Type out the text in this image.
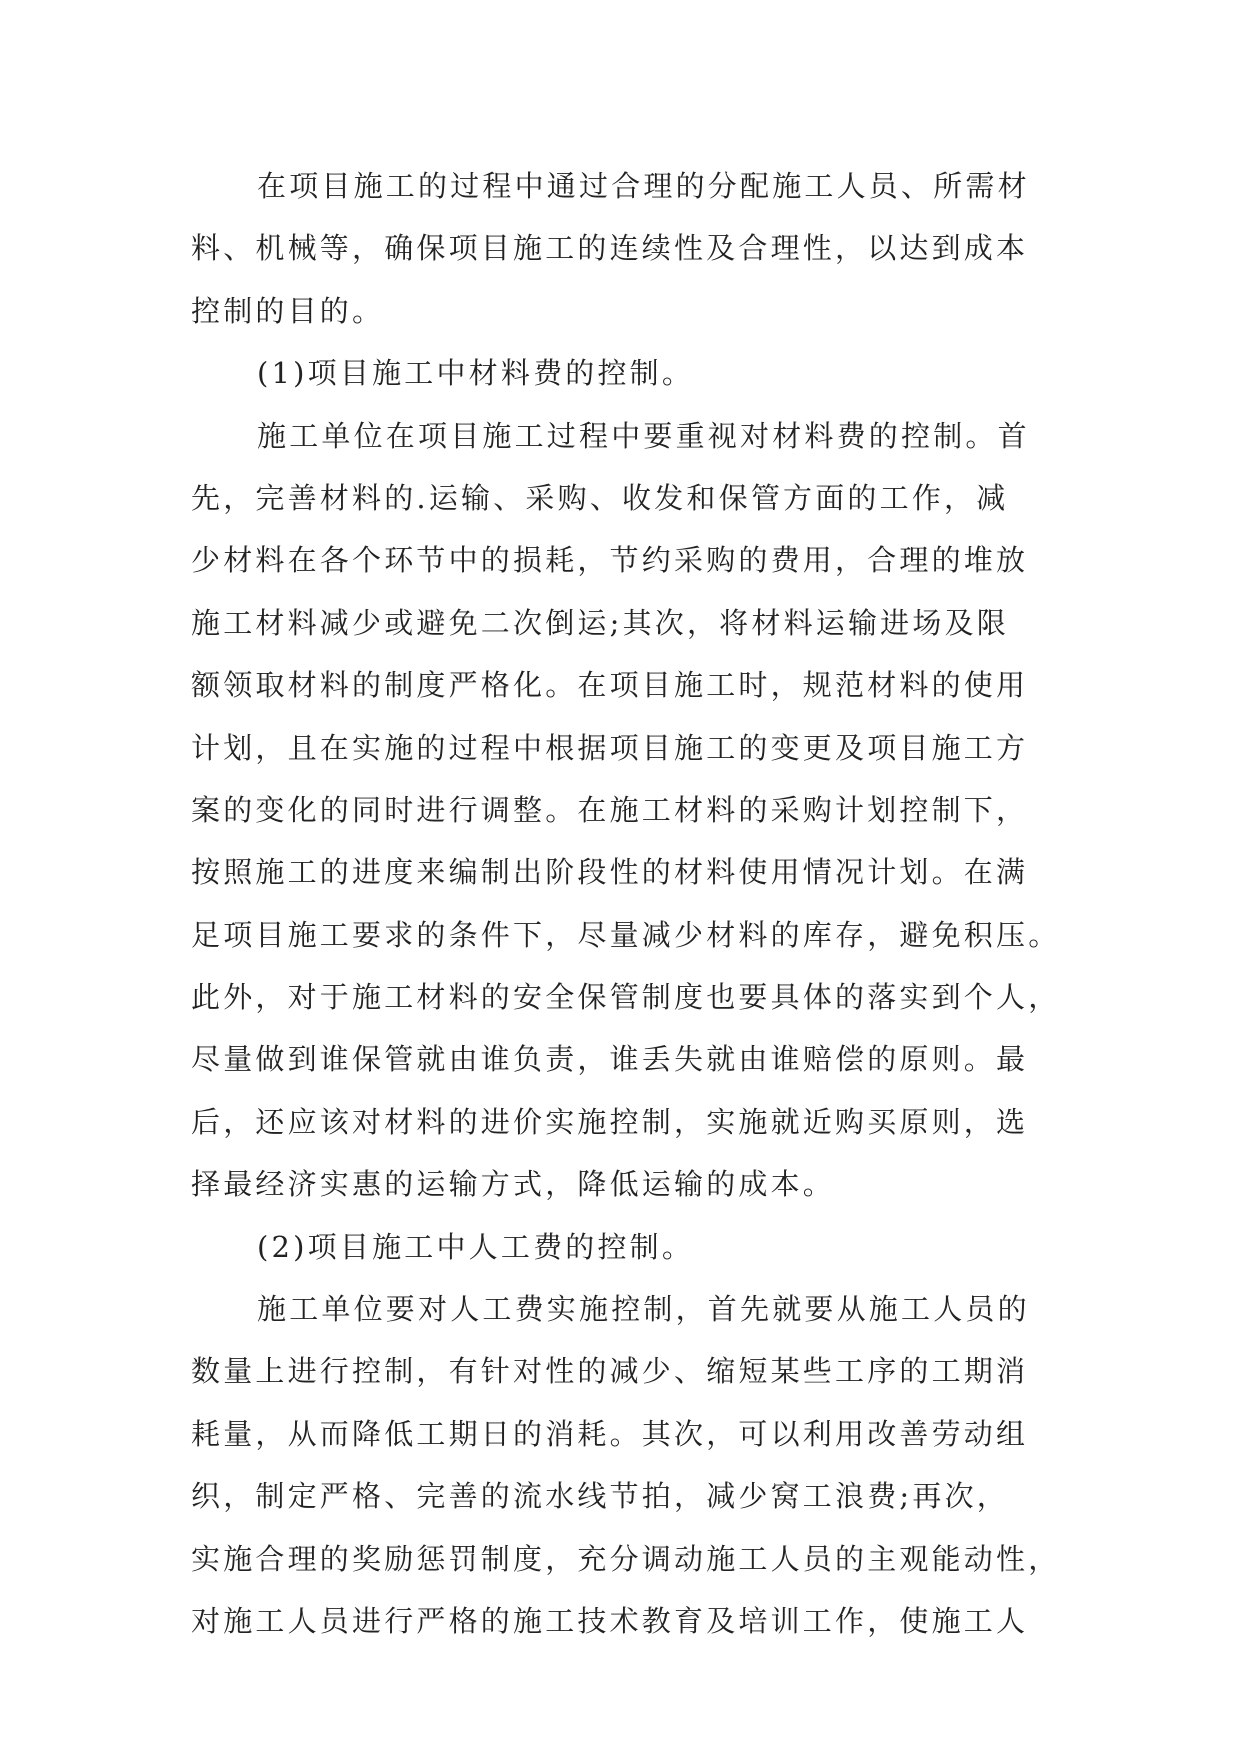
在项目施工的过程中通过合理的分配施工人员、所需材
料、机械等，确保项目施工的连续性及合理性，以达到成本
控制的目的。
(1)项目施工中材料费的控制。
施工单位在项目施工过程中要重视对材料费的控制。首
先，完善材料的.运输、采购、收发和保管方面的工作，减
少材料在各个环节中的损耗，节约采购的费用，合理的堆放
施工材料减少或避免二次倒运;其次，将材料运输进场及限
额领取材料的制度严格化。在项目施工时，规范材料的使用
计划，且在实施的过程中根据项目施工的变更及项目施工方
案的变化的同时进行调整。在施工材料的采购计划控制下，
按照施工的进度来编制出阶段性的材料使用情况计划。在满
足项目施工要求的条件下，尽量减少材料的库存，避免积压。
此外，对于施工材料的安全保管制度也要具体的落实到个人，
尽量做到谁保管就由谁负责，谁丢失就由谁赔偿的原则。最
后，还应该对材料的进价实施控制，实施就近购买原则，选
择最经济实惠的运输方式，降低运输的成本。
(2)项目施工中人工费的控制。
施工单位要对人工费实施控制，首先就要从施工人员的
数量上进行控制，有针对性的减少、缩短某些工序的工期消
耗量，从而降低工期日的消耗。其次，可以利用改善劳动组
织，制定严格、完善的流水线节拍，减少窝工浪费;再次，
实施合理的奖励惩罚制度，充分调动施工人员的主观能动性，
对施工人员进行严格的施工技术教育及培训工作，使施工人
